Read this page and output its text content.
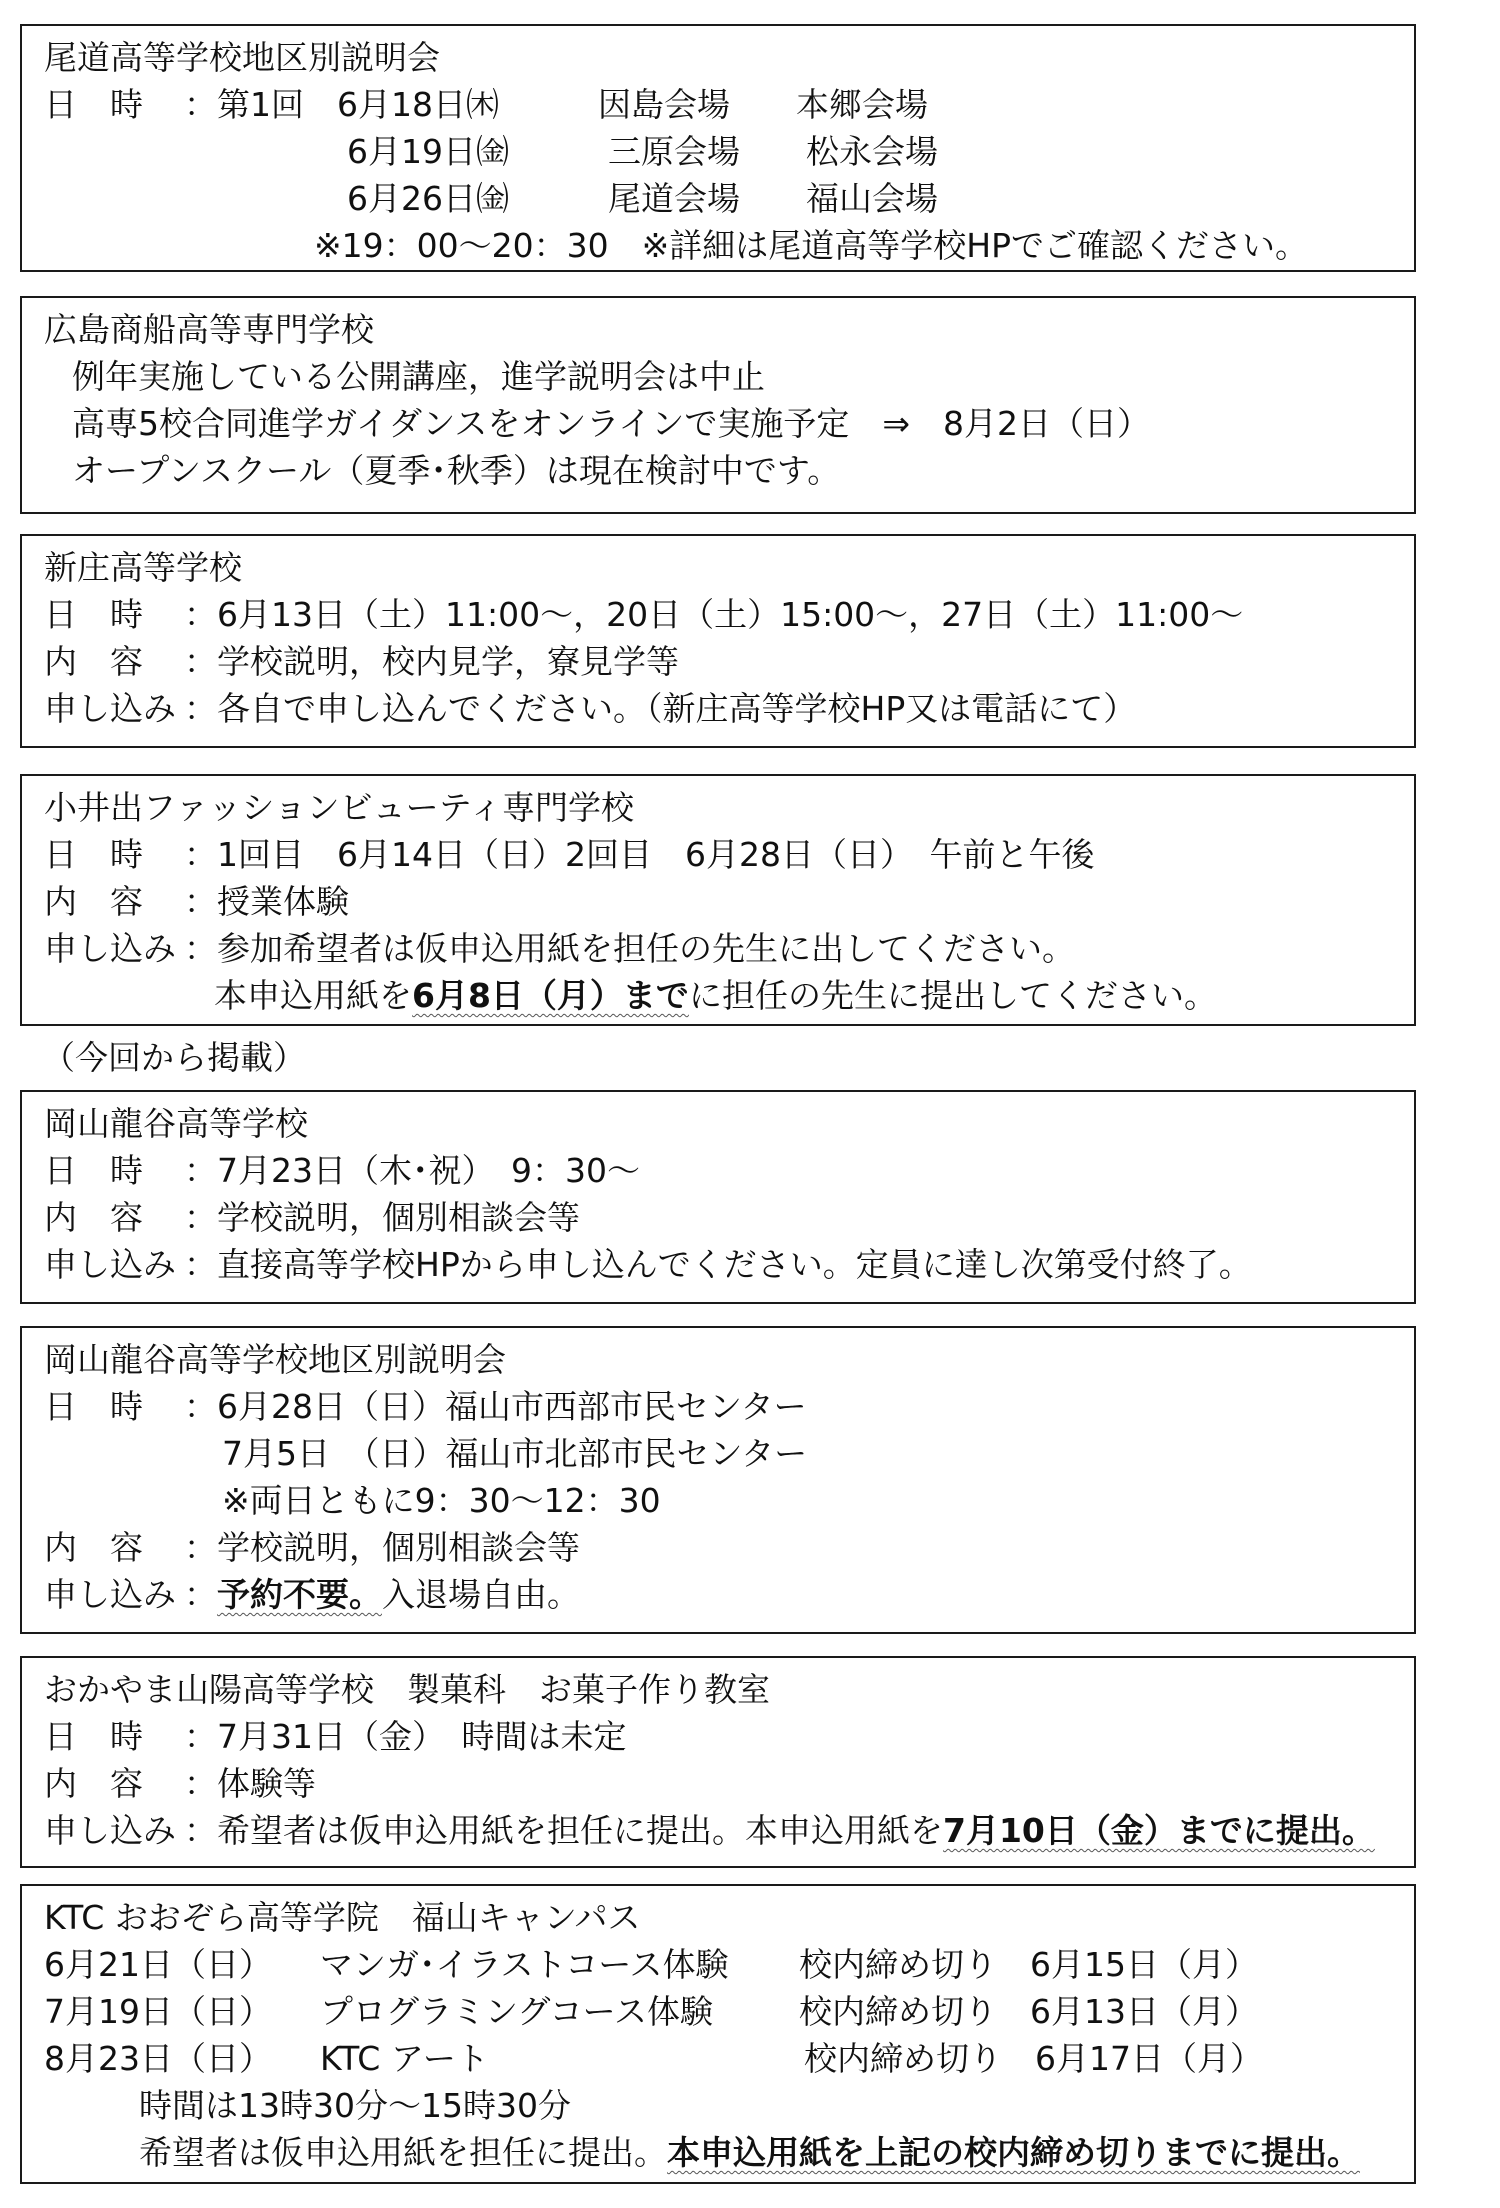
尾道高等学校地区別説明会
日　時 ：第1回　6月18日㈭　　　因島会場　　本郷会場
6月19日㈮　　　三原会場　　松永会場
6月26日㈮　　　尾道会場　　福山会場
※19：00～20：30　※詳細は尾道高等学校HPでご確認ください。
広島商船高等専門学校
例年実施している公開講座，進学説明会は中止
高専5校合同進学ガイダンスをオンラインで実施予定　⇒　8月2日（日）
オープンスクール（夏季･秋季）は現在検討中です。
新庄高等学校
日　時 ：6月13日（土）11:00～，20日（土）15:00～，27日（土）11:00～
内　容 ：学校説明，校内見学，寮見学等
申し込み ：各自で申し込んでください。（新庄高等学校HP又は電話にて）
小井出ファッションビューティ専門学校
日　時 ：1回目　6月14日（日）2回目　6月28日（日）　午前と午後
内　容 ：授業体験
申し込み ：参加希望者は仮申込用紙を担任の先生に出してください。
本申込用紙を6月8日（月）までに担任の先生に提出してください。
（今回から掲載）
岡山龍谷高等学校
日　時 ：7月23日（木･祝）　9：30～
内　容 ：学校説明，個別相談会等
申し込み ：直接高等学校HPから申し込んでください。定員に達し次第受付終了。
岡山龍谷高等学校地区別説明会
日　時 ：6月28日（日）福山市西部市民センター
7月5日　（日）福山市北部市民センター
※両日ともに9：30～12：30
内　容 ：学校説明，個別相談会等
申し込み ：予約不要。入退場自由。
おかやま山陽高等学校　製菓科　お菓子作り教室
日　時 ：7月31日（金）　時間は未定
内　容 ：体験等
申し込み ：希望者は仮申込用紙を担任に提出。本申込用紙を7月10日（金）までに提出。
KTC おおぞら高等学院　福山キャンパス
6月21日（日） マンガ･イラストコース体験 校内締め切り　6月15日（月）
7月19日（日） プログラミングコース体験	校内締め切り　6月13日（月）
8月23日（日） KTC アート	校内締め切り　6月17日（月）
時間は13時30分～15時30分
希望者は仮申込用紙を担任に提出。本申込用紙を上記の校内締め切りまでに提出。
